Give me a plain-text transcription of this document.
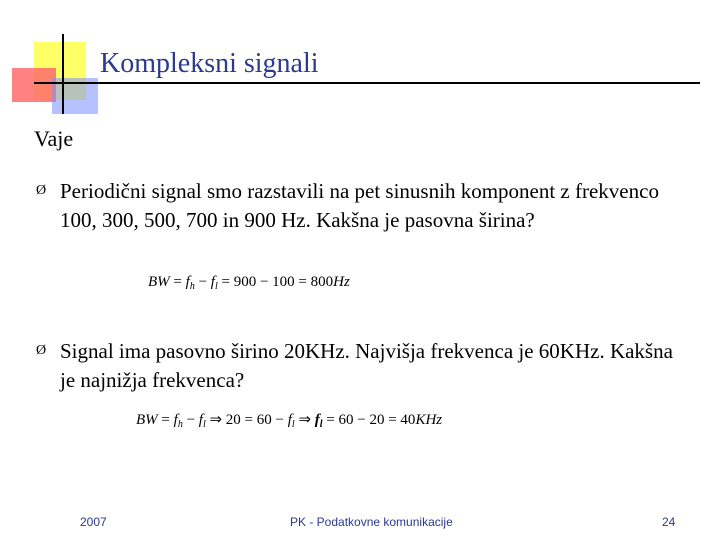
Kompleksni signali
Vaje
Ø Periodični signal smo razstavili na pet sinusnih komponent z frekvenco 100, 300, 500, 700 in 900 Hz. Kakšna je pasovna širina?
BW = $f_h - f_l = 900 - 100 = 800Hz$
Ø Signal ima pasovno širino 20KHz. Najvišja frekvenca je 60KHz. Kakšna je najnižja frekvenca?
BW = $f_h - f_l$ ⇒ $20 = 60 - f_l$ ⇒ $f_l = 60 - 20 = 40KHz$
2007	PK - Podatkovne komunikacije	24
